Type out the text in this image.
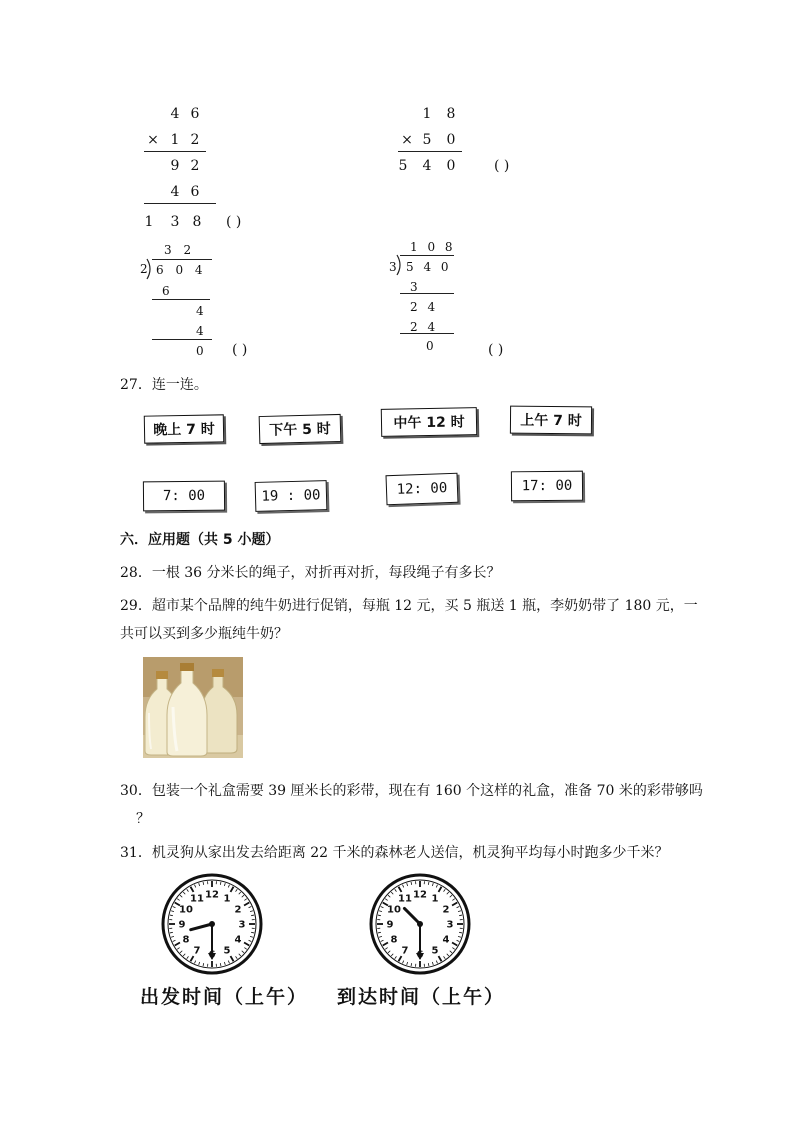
4 6
× 1 2
9 2
4 6
1 3 8 ( )
1 8
× 5 0
5 4 0	( )
3 2
2 6 0 4
6
4
4
0 ( )
1 0 8
3 5 4 0
3
2 4
2 4
0	( )
27．连一连。
晚上 7 时	下午 5 时	中午 12 时	上午 7 时
7: 00	19 : 00	12: 00	17: 00
六．应用题（共 5 小题）
28．一根 36 分米长的绳子，对折再对折，每段绳子有多长？
29．超市某个品牌的纯牛奶进行促销，每瓶 12 元，买 5 瓶送 1 瓶，李奶奶带了 180 元，一
共可以买到多少瓶纯牛奶？
30．包装一个礼盒需要 39 厘米长的彩带，现在有 160 个这样的礼盒，准备 70 米的彩带够吗
？
31．机灵狗从家出发去给距离 22 千米的森林老人送信，机灵狗平均每小时跑多少千米？
12 1
2
3
4
5
7
8
9
10
11	12 1
2
3
4
5
7
8
9
10
11
出发时间（上午） 到达时间（上午）
